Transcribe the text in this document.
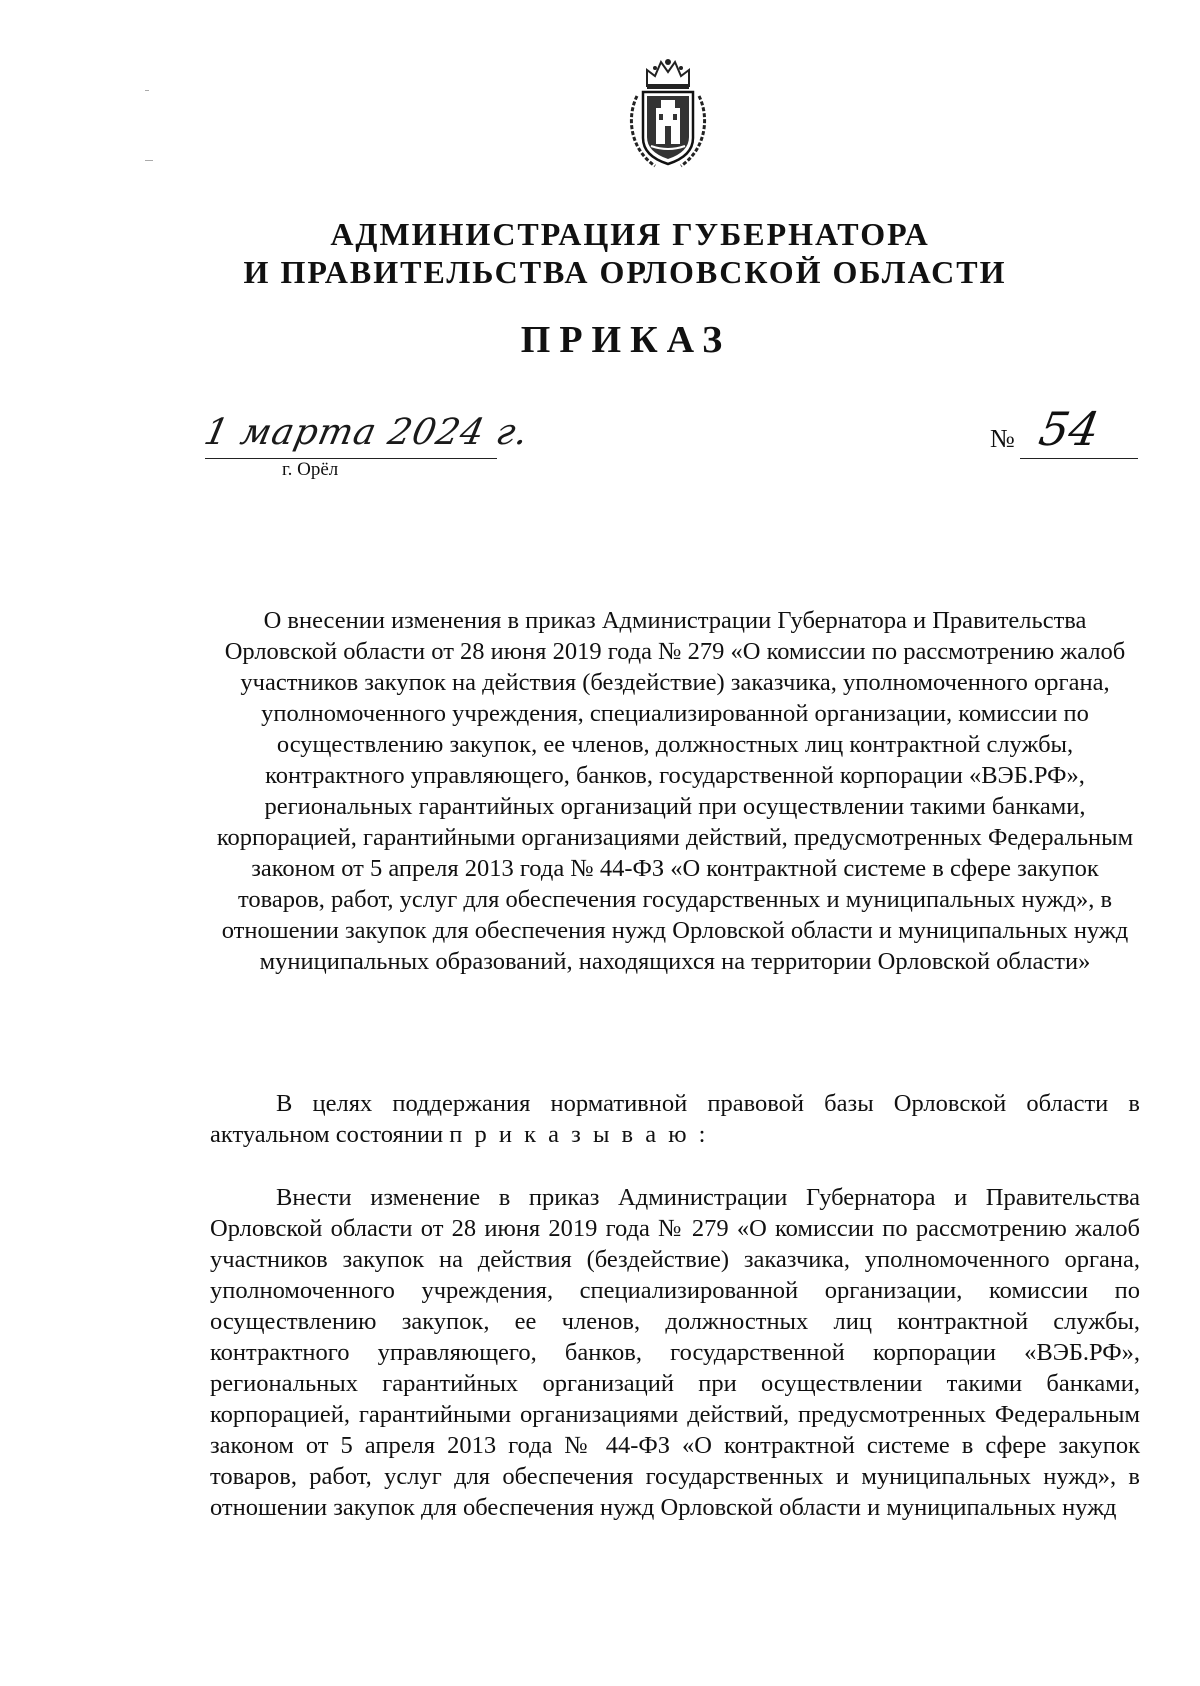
АДМИНИСТРАЦИЯ ГУБЕРНАТОРА
И ПРАВИТЕЛЬСТВА ОРЛОВСКОЙ ОБЛАСТИ
ПРИКАЗ
1 марта 2024 г.
г. Орёл
№ 54
О внесении изменения в приказ Администрации Губернатора и Правительства Орловской области от 28 июня 2019 года № 279 «О комиссии по рассмотрению жалоб участников закупок на действия (бездействие) заказчика, уполномоченного органа, уполномоченного учреждения, специализированной организации, комиссии по осуществлению закупок, ее членов, должностных лиц контрактной службы, контрактного управляющего, банков, государственной корпорации «ВЭБ.РФ», региональных гарантийных организаций при осуществлении такими банками, корпорацией, гарантийными организациями действий, предусмотренных Федеральным законом от 5 апреля 2013 года № 44-ФЗ «О контрактной системе в сфере закупок товаров, работ, услуг для обеспечения государственных и муниципальных нужд», в отношении закупок для обеспечения нужд Орловской области и муниципальных нужд муниципальных образований, находящихся на территории Орловской области»
В целях поддержания нормативной правовой базы Орловской области в актуальном состоянии п р и к а з ы в а ю :
Внести изменение в приказ Администрации Губернатора и Правительства Орловской области от 28 июня 2019 года № 279 «О комиссии по рассмотрению жалоб участников закупок на действия (бездействие) заказчика, уполномоченного органа, уполномоченного учреждения, специализированной организации, комиссии по осуществлению закупок, ее членов, должностных лиц контрактной службы, контрактного управляющего, банков, государственной корпорации «ВЭБ.РФ», региональных гарантийных организаций при осуществлении такими банками, корпорацией, гарантийными организациями действий, предусмотренных Федеральным законом от 5 апреля 2013 года № 44-ФЗ «О контрактной системе в сфере закупок товаров, работ, услуг для обеспечения государственных и муниципальных нужд», в отношении закупок для обеспечения нужд Орловской области и муниципальных нужд
